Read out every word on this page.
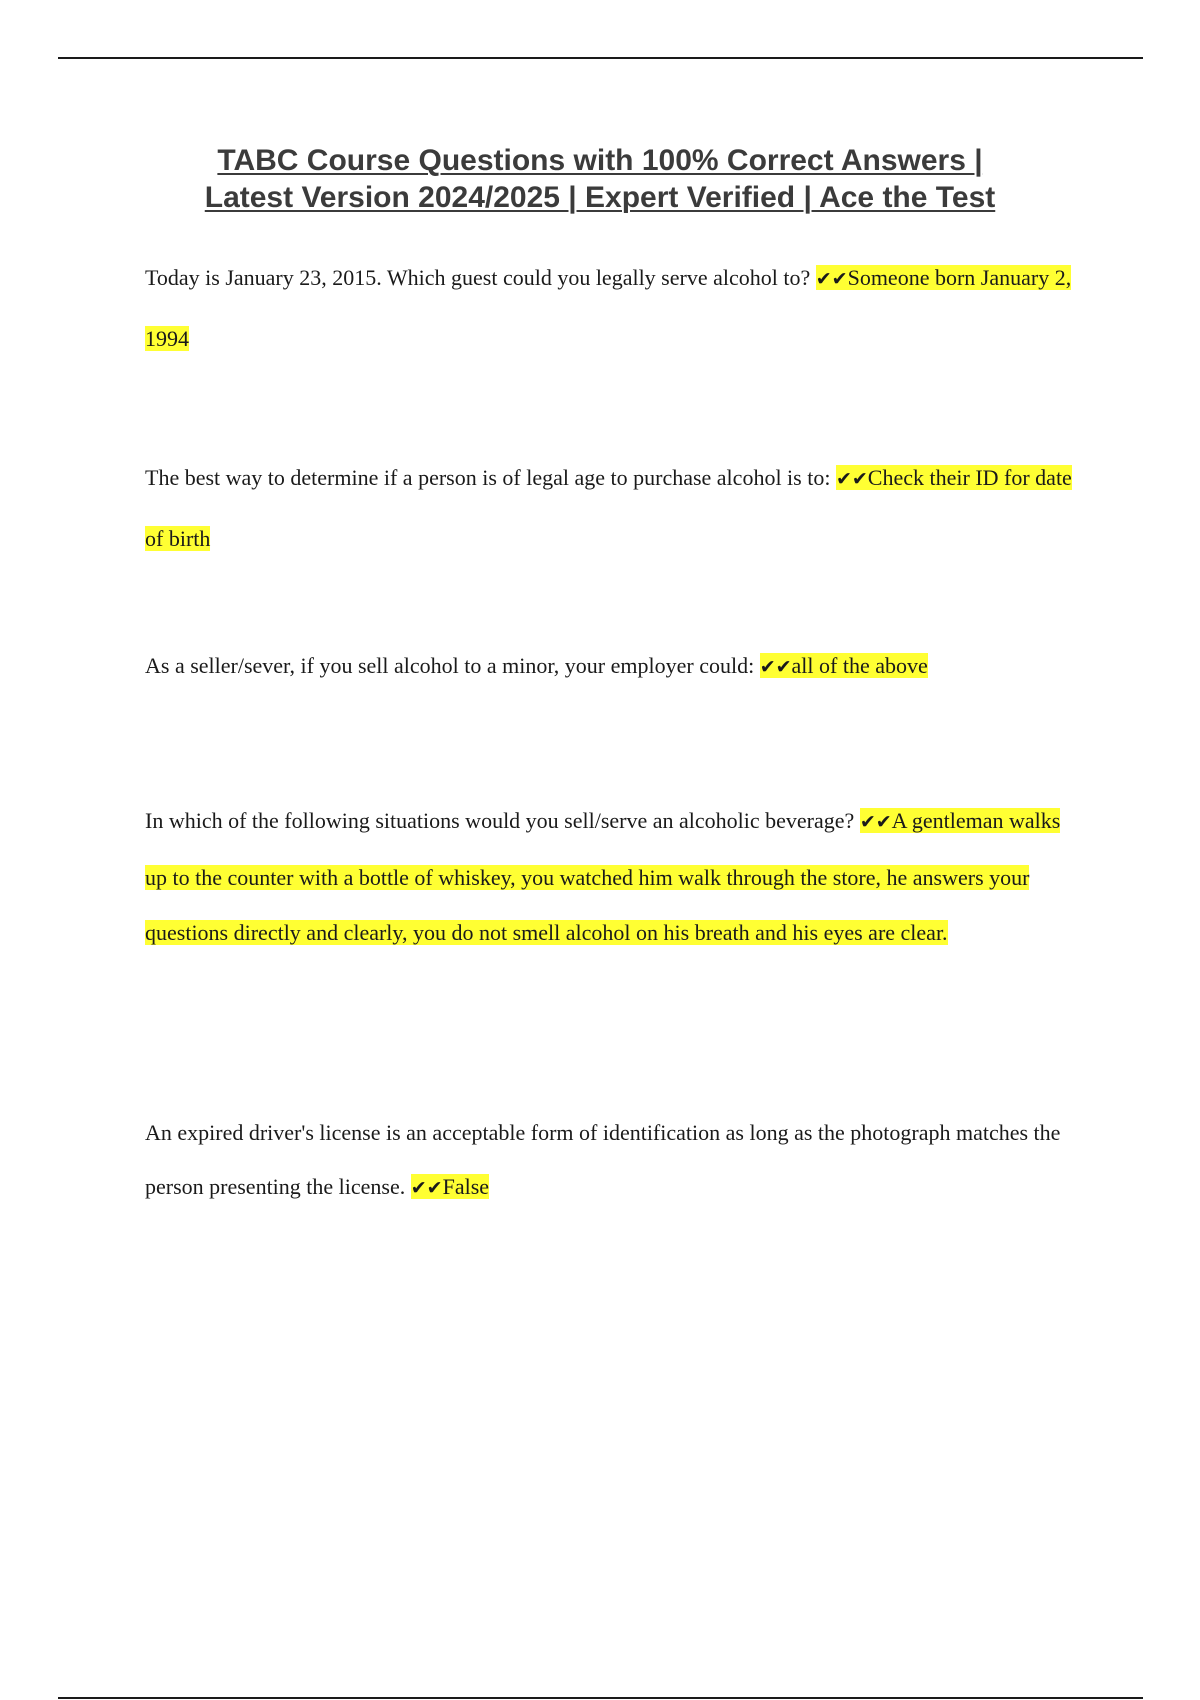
TABC Course Questions with 100% Correct Answers |
Latest Version 2024/2025 | Expert Verified | Ace the Test

Today is January 23, 2015. Which guest could you legally serve alcohol to? ✔✔Someone born January 2, 1994

The best way to determine if a person is of legal age to purchase alcohol is to: ✔✔Check their ID for date of birth

As a seller/sever, if you sell alcohol to a minor, your employer could: ✔✔all of the above

In which of the following situations would you sell/serve an alcoholic beverage? ✔✔A gentleman walks up to the counter with a bottle of whiskey, you watched him walk through the store, he answers your questions directly and clearly, you do not smell alcohol on his breath and his eyes are clear.

An expired driver's license is an acceptable form of identification as long as the photograph matches the person presenting the license. ✔✔False
